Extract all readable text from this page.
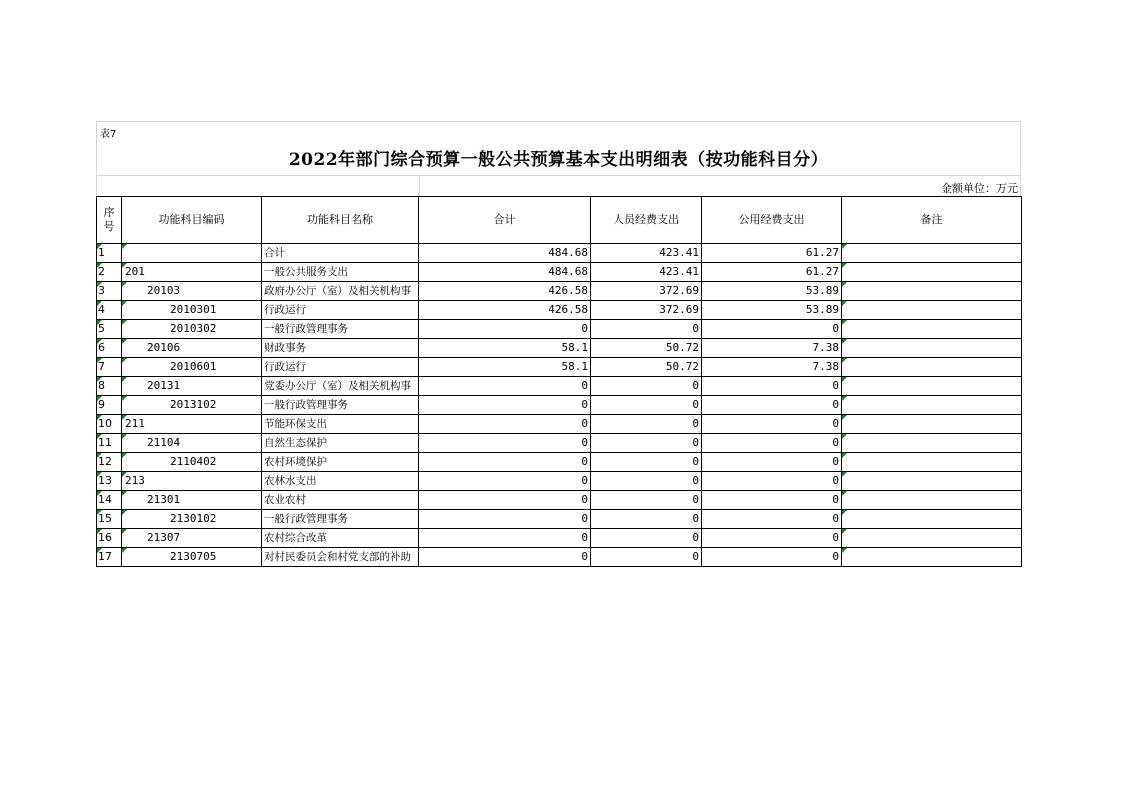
表7
2022年部门综合预算一般公共预算基本支出明细表（按功能科目分）
金额单位：万元
序
号	功能科目编码	功能科目名称	合计	人员经费支出	公用经费支出	备注

1		合计	484.68	423.41	61.27	

2	201	一般公共服务支出	484.68	423.41	61.27	

3	20103	政府办公厅（室）及相关机构事	426.58	372.69	53.89	

4	2010301	行政运行	426.58	372.69	53.89	

5	2010302	一般行政管理事务	0	0	0	

6	20106	财政事务	58.1	50.72	7.38	

7	2010601	行政运行	58.1	50.72	7.38	

8	20131	党委办公厅（室）及相关机构事	0	0	0	

9	2013102	一般行政管理事务	0	0	0	

10	211	节能环保支出	0	0	0	

11	21104	自然生态保护	0	0	0	

12	2110402	农村环境保护	0	0	0	

13	213	农林水支出	0	0	0	

14	21301	农业农村	0	0	0	

15	2130102	一般行政管理事务	0	0	0	

16	21307	农村综合改革	0	0	0	

17	2130705	对村民委员会和村党支部的补助	0	0	0	
